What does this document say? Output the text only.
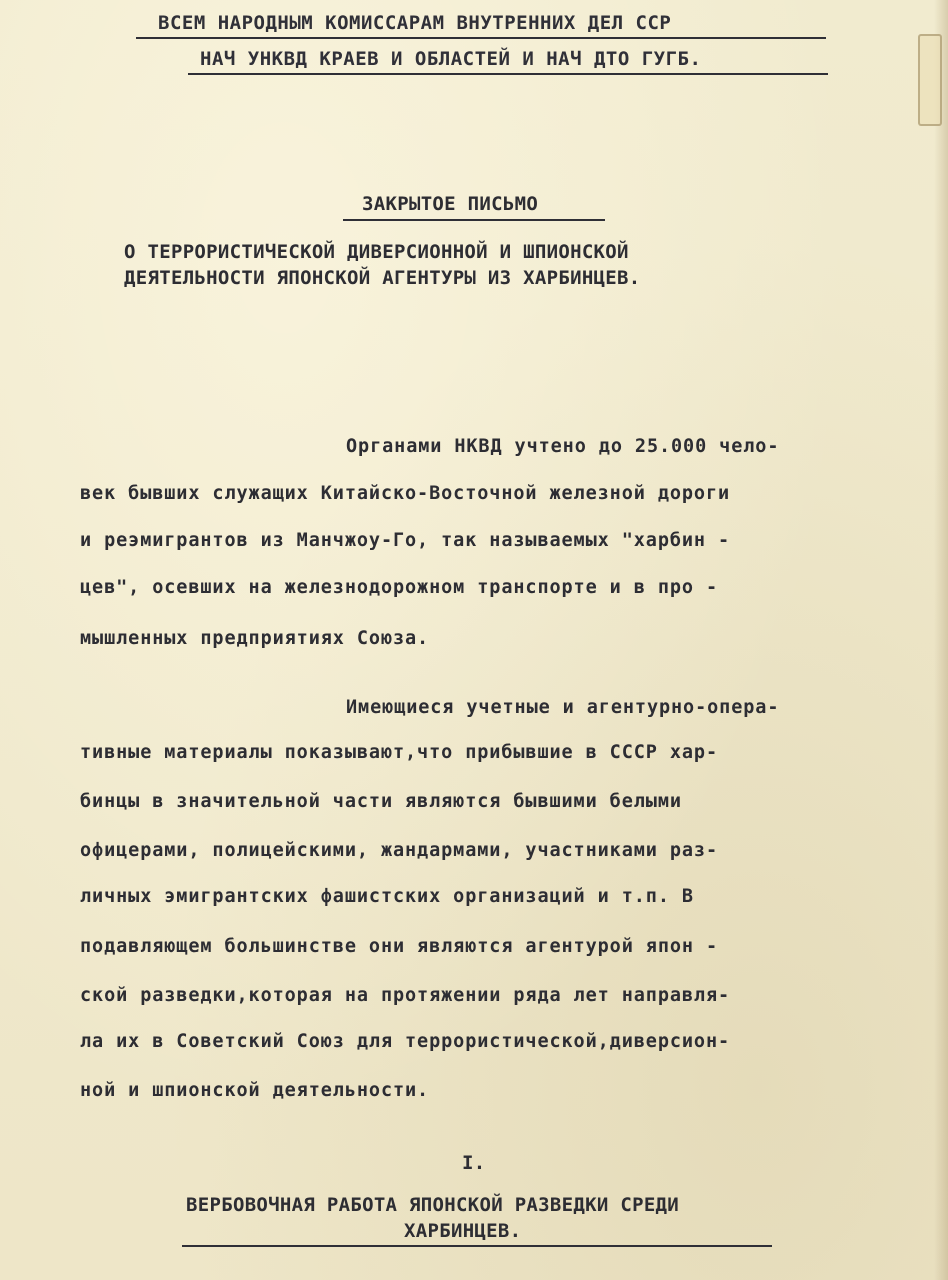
ВСЕМ НАРОДНЫМ КОМИССАРАМ ВНУТРЕННИХ ДЕЛ ССР
НАЧ УНКВД КРАЕВ И ОБЛАСТЕЙ И НАЧ ДТО ГУГБ.
ЗАКРЫТОЕ ПИСЬМО
О ТЕРРОРИСТИЧЕСКОЙ ДИВЕРСИОННОЙ И ШПИОНСКОЙ
ДЕЯТЕЛЬНОСТИ ЯПОНСКОЙ АГЕНТУРЫ ИЗ ХАРБИНЦЕВ.
Органами НКВД учтено до 25.000 чело-
век бывших служащих Китайско-Восточной железной дороги
и реэмигрантов из Манчжоу-Го, так называемых "харбин -
цев", осевших на железнодорожном транспорте и в про -
мышленных предприятиях Союза.
Имеющиеся учетные и агентурно-опера-
тивные материалы показывают,что прибывшие в СССР хар-
бинцы в значительной части являются бывшими белыми
офицерами, полицейскими, жандармами, участниками раз-
личных эмигрантских фашистских организаций и т.п. В
подавляющем большинстве они являются агентурой япон -
ской разведки,которая на протяжении ряда лет направля-
ла их в Советский Союз для террористической,диверсион-
ной и шпионской деятельности.
I.
ВЕРБОВОЧНАЯ РАБОТА ЯПОНСКОЙ РАЗВЕДКИ СРЕДИ
ХАРБИНЦЕВ.
